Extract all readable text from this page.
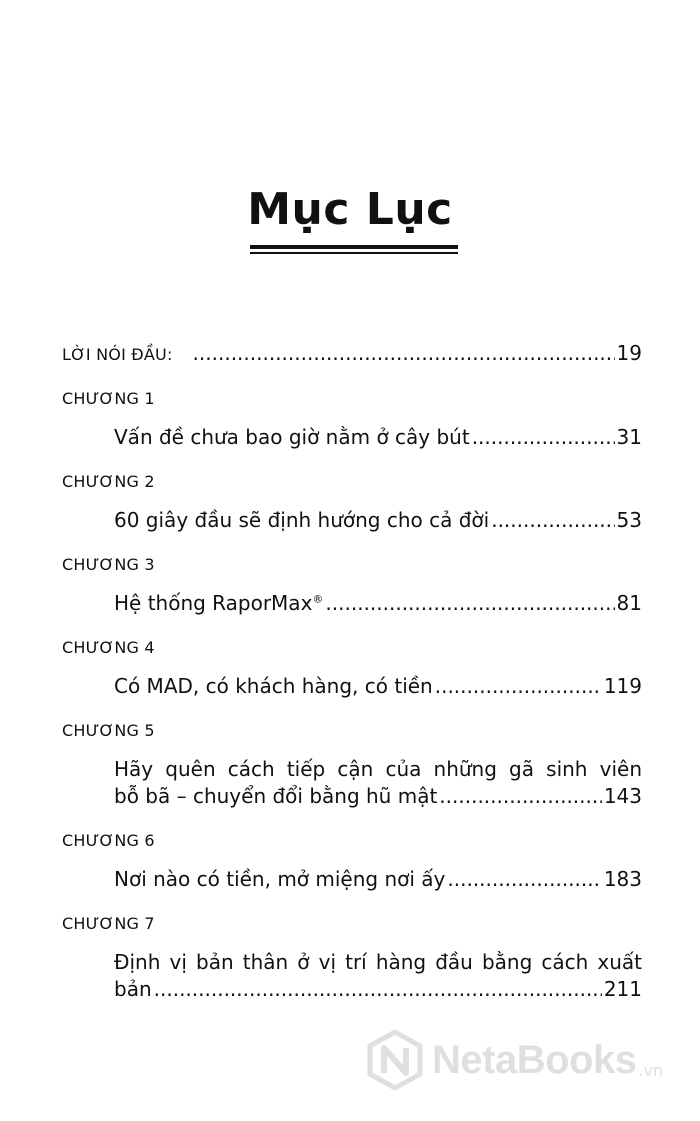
Mục Lục
LỜI NÓI ĐẦU: .....	19
CHƯƠNG 1
Vấn đề chưa bao giờ nằm ở cây bút .....	31
CHƯƠNG 2
60 giây đầu sẽ định hướng cho cả đời .....	53
CHƯƠNG 3
Hệ thống RaporMax® .....	81
CHƯƠNG 4
Có MAD, có khách hàng, có tiền .....	119
CHƯƠNG 5
Hãy quên cách tiếp cận của những gã sinh viên
bỗ bã – chuyển đổi bằng hũ mật .....	143
CHƯƠNG 6
Nơi nào có tiền, mở miệng nơi ấy .....	183
CHƯƠNG 7
Định vị bản thân ở vị trí hàng đầu bằng cách xuất
bản .....	211
NetaBooks .vn
